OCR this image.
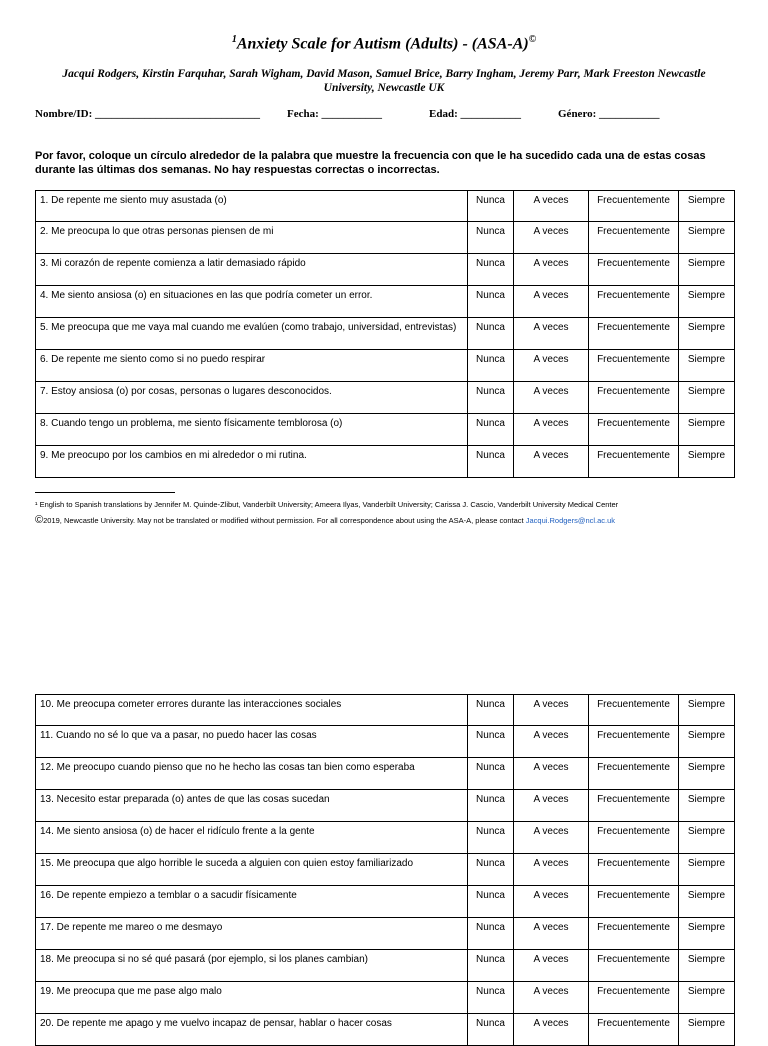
$^1$Anxiety Scale for Autism (Adults) - (ASA-A)©
Jacqui Rodgers, Kirstin Farquhar, Sarah Wigham, David Mason, Samuel Brice, Barry Ingham, Jeremy Parr, Mark Freeston Newcastle University, Newcastle UK
Nombre/ID: ______________________________ Fecha: ___________	Edad: ___________	Género: ___________
Por favor, coloque un círculo alrededor de la palabra que muestre la frecuencia con que le ha sucedido cada una de estas cosas durante las últimas dos semanas. No hay respuestas correctas o incorrectas.
1. De repente me siento muy asustada (o)	Nunca	A veces	Frecuentemente	Siempre
2. Me preocupa lo que otras personas piensen de mi	Nunca	A veces	Frecuentemente	Siempre
3. Mi corazón de repente comienza a latir demasiado rápido	Nunca	A veces	Frecuentemente	Siempre
4. Me siento ansiosa (o) en situaciones en las que podría cometer un error.	Nunca	A veces	Frecuentemente	Siempre
5. Me preocupa que me vaya mal cuando me evalúen (como trabajo, universidad, entrevistas)	Nunca	A veces	Frecuentemente	Siempre
6. De repente me siento como si no puedo respirar	Nunca	A veces	Frecuentemente	Siempre
7. Estoy ansiosa (o) por cosas, personas o lugares desconocidos.	Nunca	A veces	Frecuentemente	Siempre
8. Cuando tengo un problema, me siento físicamente temblorosa (o)	Nunca	A veces	Frecuentemente	Siempre
9. Me preocupo por los cambios en mi alrededor o mi rutina.	Nunca	A veces	Frecuentemente	Siempre
¹ English to Spanish translations by Jennifer M. Quinde-Zlibut, Vanderbilt University; Ameera Ilyas, Vanderbilt University; Carissa J. Cascio, Vanderbilt University Medical Center
©2019, Newcastle University. May not be translated or modified without permission. For all correspondence about using the ASA-A, please contact Jacqui.Rodgers@ncl.ac.uk
10. Me preocupa cometer errores durante las interacciones sociales	Nunca	A veces	Frecuentemente	Siempre
11. Cuando no sé lo que va a pasar, no puedo hacer las cosas	Nunca	A veces	Frecuentemente	Siempre
12. Me preocupo cuando pienso que no he hecho las cosas tan bien como esperaba	Nunca	A veces	Frecuentemente	Siempre
13. Necesito estar preparada (o) antes de que las cosas sucedan	Nunca	A veces	Frecuentemente	Siempre
14. Me siento ansiosa (o) de hacer el ridículo frente a la gente	Nunca	A veces	Frecuentemente	Siempre
15. Me preocupa que algo horrible le suceda a alguien con quien estoy familiarizado	Nunca	A veces	Frecuentemente	Siempre
16. De repente empiezo a temblar o a sacudir físicamente	Nunca	A veces	Frecuentemente	Siempre
17. De repente me mareo o me desmayo	Nunca	A veces	Frecuentemente	Siempre
18. Me preocupa si no sé qué pasará (por ejemplo, si los planes cambian)	Nunca	A veces	Frecuentemente	Siempre
19. Me preocupa que me pase algo malo	Nunca	A veces	Frecuentemente	Siempre
20. De repente me apago y me vuelvo incapaz de pensar, hablar o hacer cosas	Nunca	A veces	Frecuentemente	Siempre
